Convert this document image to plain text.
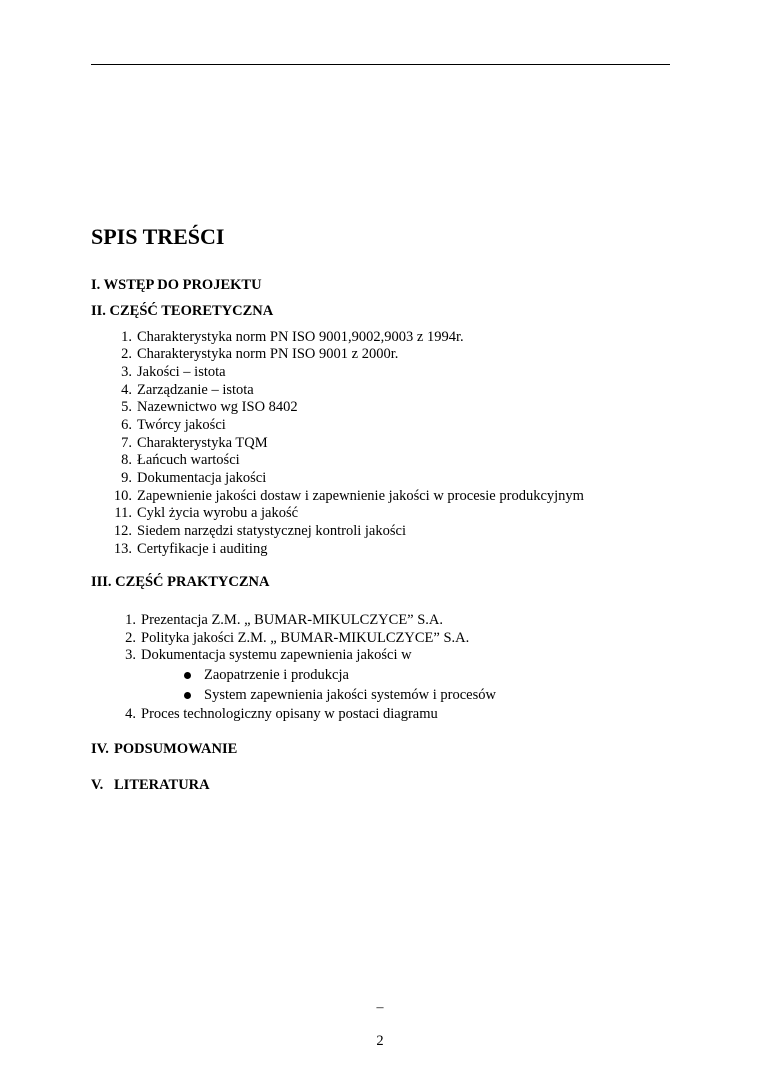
SPIS TREŚCI
I. WSTĘP DO PROJEKTU
II. CZĘŚĆ TEORETYCZNA
1. Charakterystyka norm PN ISO 9001,9002,9003 z 1994r.
2. Charakterystyka norm PN ISO 9001 z 2000r.
3. Jakości – istota
4. Zarządzanie – istota
5. Nazewnictwo wg ISO 8402
6. Twórcy jakości
7. Charakterystyka TQM
8. Łańcuch wartości
9. Dokumentacja jakości
10. Zapewnienie jakości dostaw i zapewnienie jakości w procesie produkcyjnym
11. Cykl życia wyrobu a jakość
12. Siedem narzędzi statystycznej kontroli jakości
13. Certyfikacje i auditing
III. CZĘŚĆ PRAKTYCZNA
1. Prezentacja Z.M. „ BUMAR-MIKULCZYCE” S.A.
2. Polityka jakości Z.M. „ BUMAR-MIKULCZYCE” S.A.
3. Dokumentacja systemu zapewnienia jakości w
Zaopatrzenie i produkcja
System zapewnienia jakości systemów i procesów
4. Proces technologiczny opisany w postaci diagramu
IV. PODSUMOWANIE
V. LITERATURA
–
2
